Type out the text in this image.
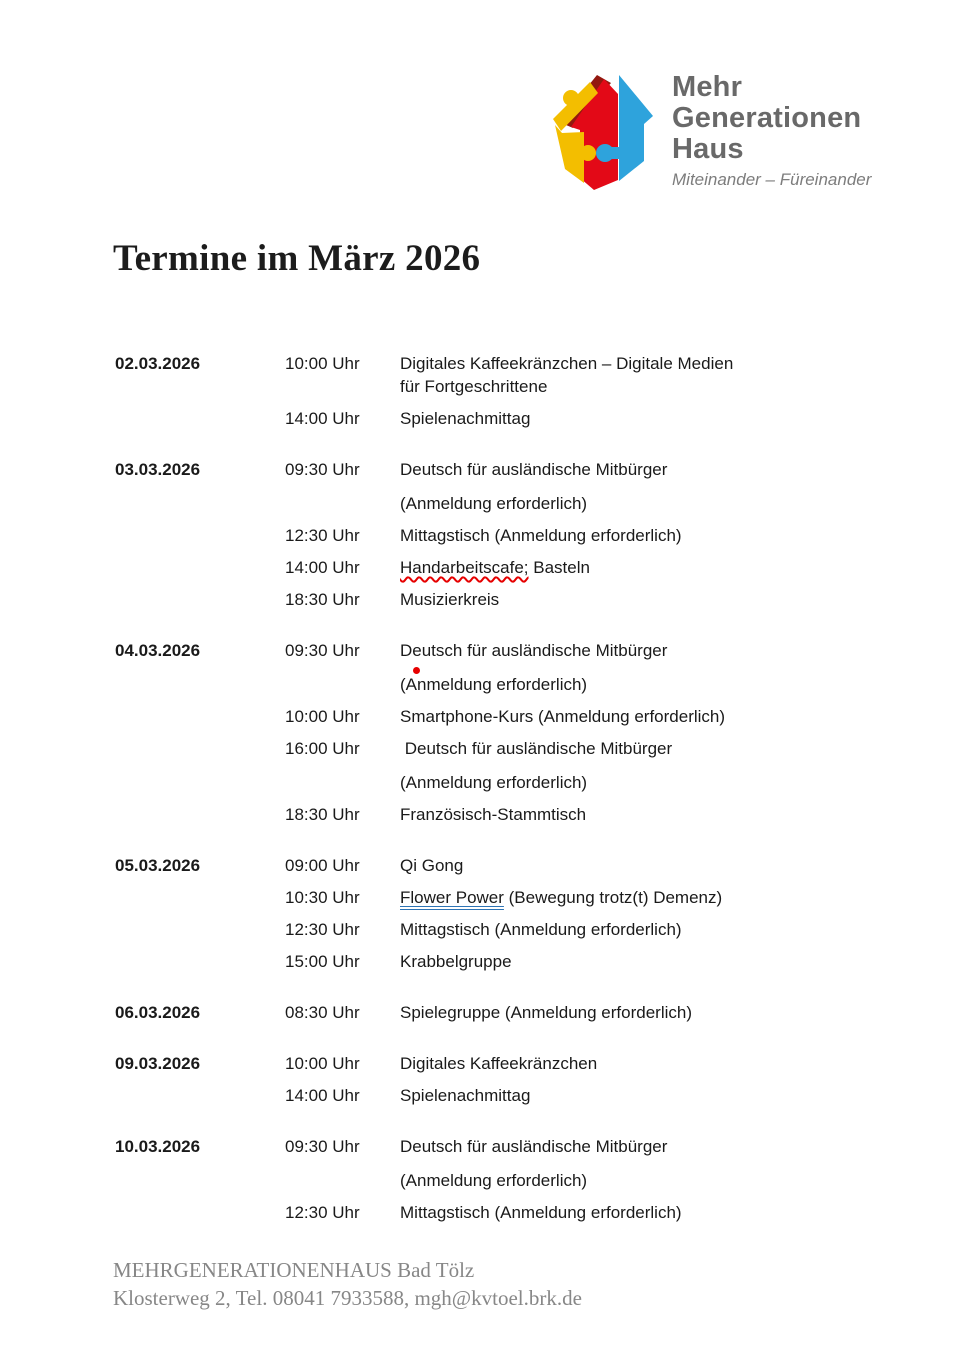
Mehr
Generationen
Haus
Miteinander – Füreinander
Termine im März 2026
02.03.2026	10:00 Uhr	Digitales Kaffeekränzchen – Digitale Medien
für Fortgeschrittene
14:00 Uhr	Spielenachmittag
03.03.2026	09:30 Uhr	Deutsch für ausländische Mitbürger
(Anmeldung erforderlich)
12:30 Uhr	Mittagstisch (Anmeldung erforderlich)
14:00 Uhr	Handarbeitscafe; Basteln
18:30 Uhr	Musizierkreis
04.03.2026	09:30 Uhr	Deutsch für ausländische Mitbürger
(Anmeldung erforderlich)
10:00 Uhr	Smartphone-Kurs (Anmeldung erforderlich)
16:00 Uhr	Deutsch für ausländische Mitbürger
(Anmeldung erforderlich)
18:30 Uhr	Französisch-Stammtisch
05.03.2026	09:00 Uhr	Qi Gong
10:30 Uhr	Flower Power (Bewegung trotz(t) Demenz)
12:30 Uhr	Mittagstisch (Anmeldung erforderlich)
15:00 Uhr	Krabbelgruppe
06.03.2026	08:30 Uhr	Spielegruppe (Anmeldung erforderlich)
09.03.2026	10:00 Uhr	Digitales Kaffeekränzchen
14:00 Uhr	Spielenachmittag
10.03.2026	09:30 Uhr	Deutsch für ausländische Mitbürger
(Anmeldung erforderlich)
12:30 Uhr	Mittagstisch (Anmeldung erforderlich)
MEHRGENERATIONENHAUS Bad Tölz
Klosterweg 2, Tel. 08041 7933588, mgh@kvtoel.brk.de
